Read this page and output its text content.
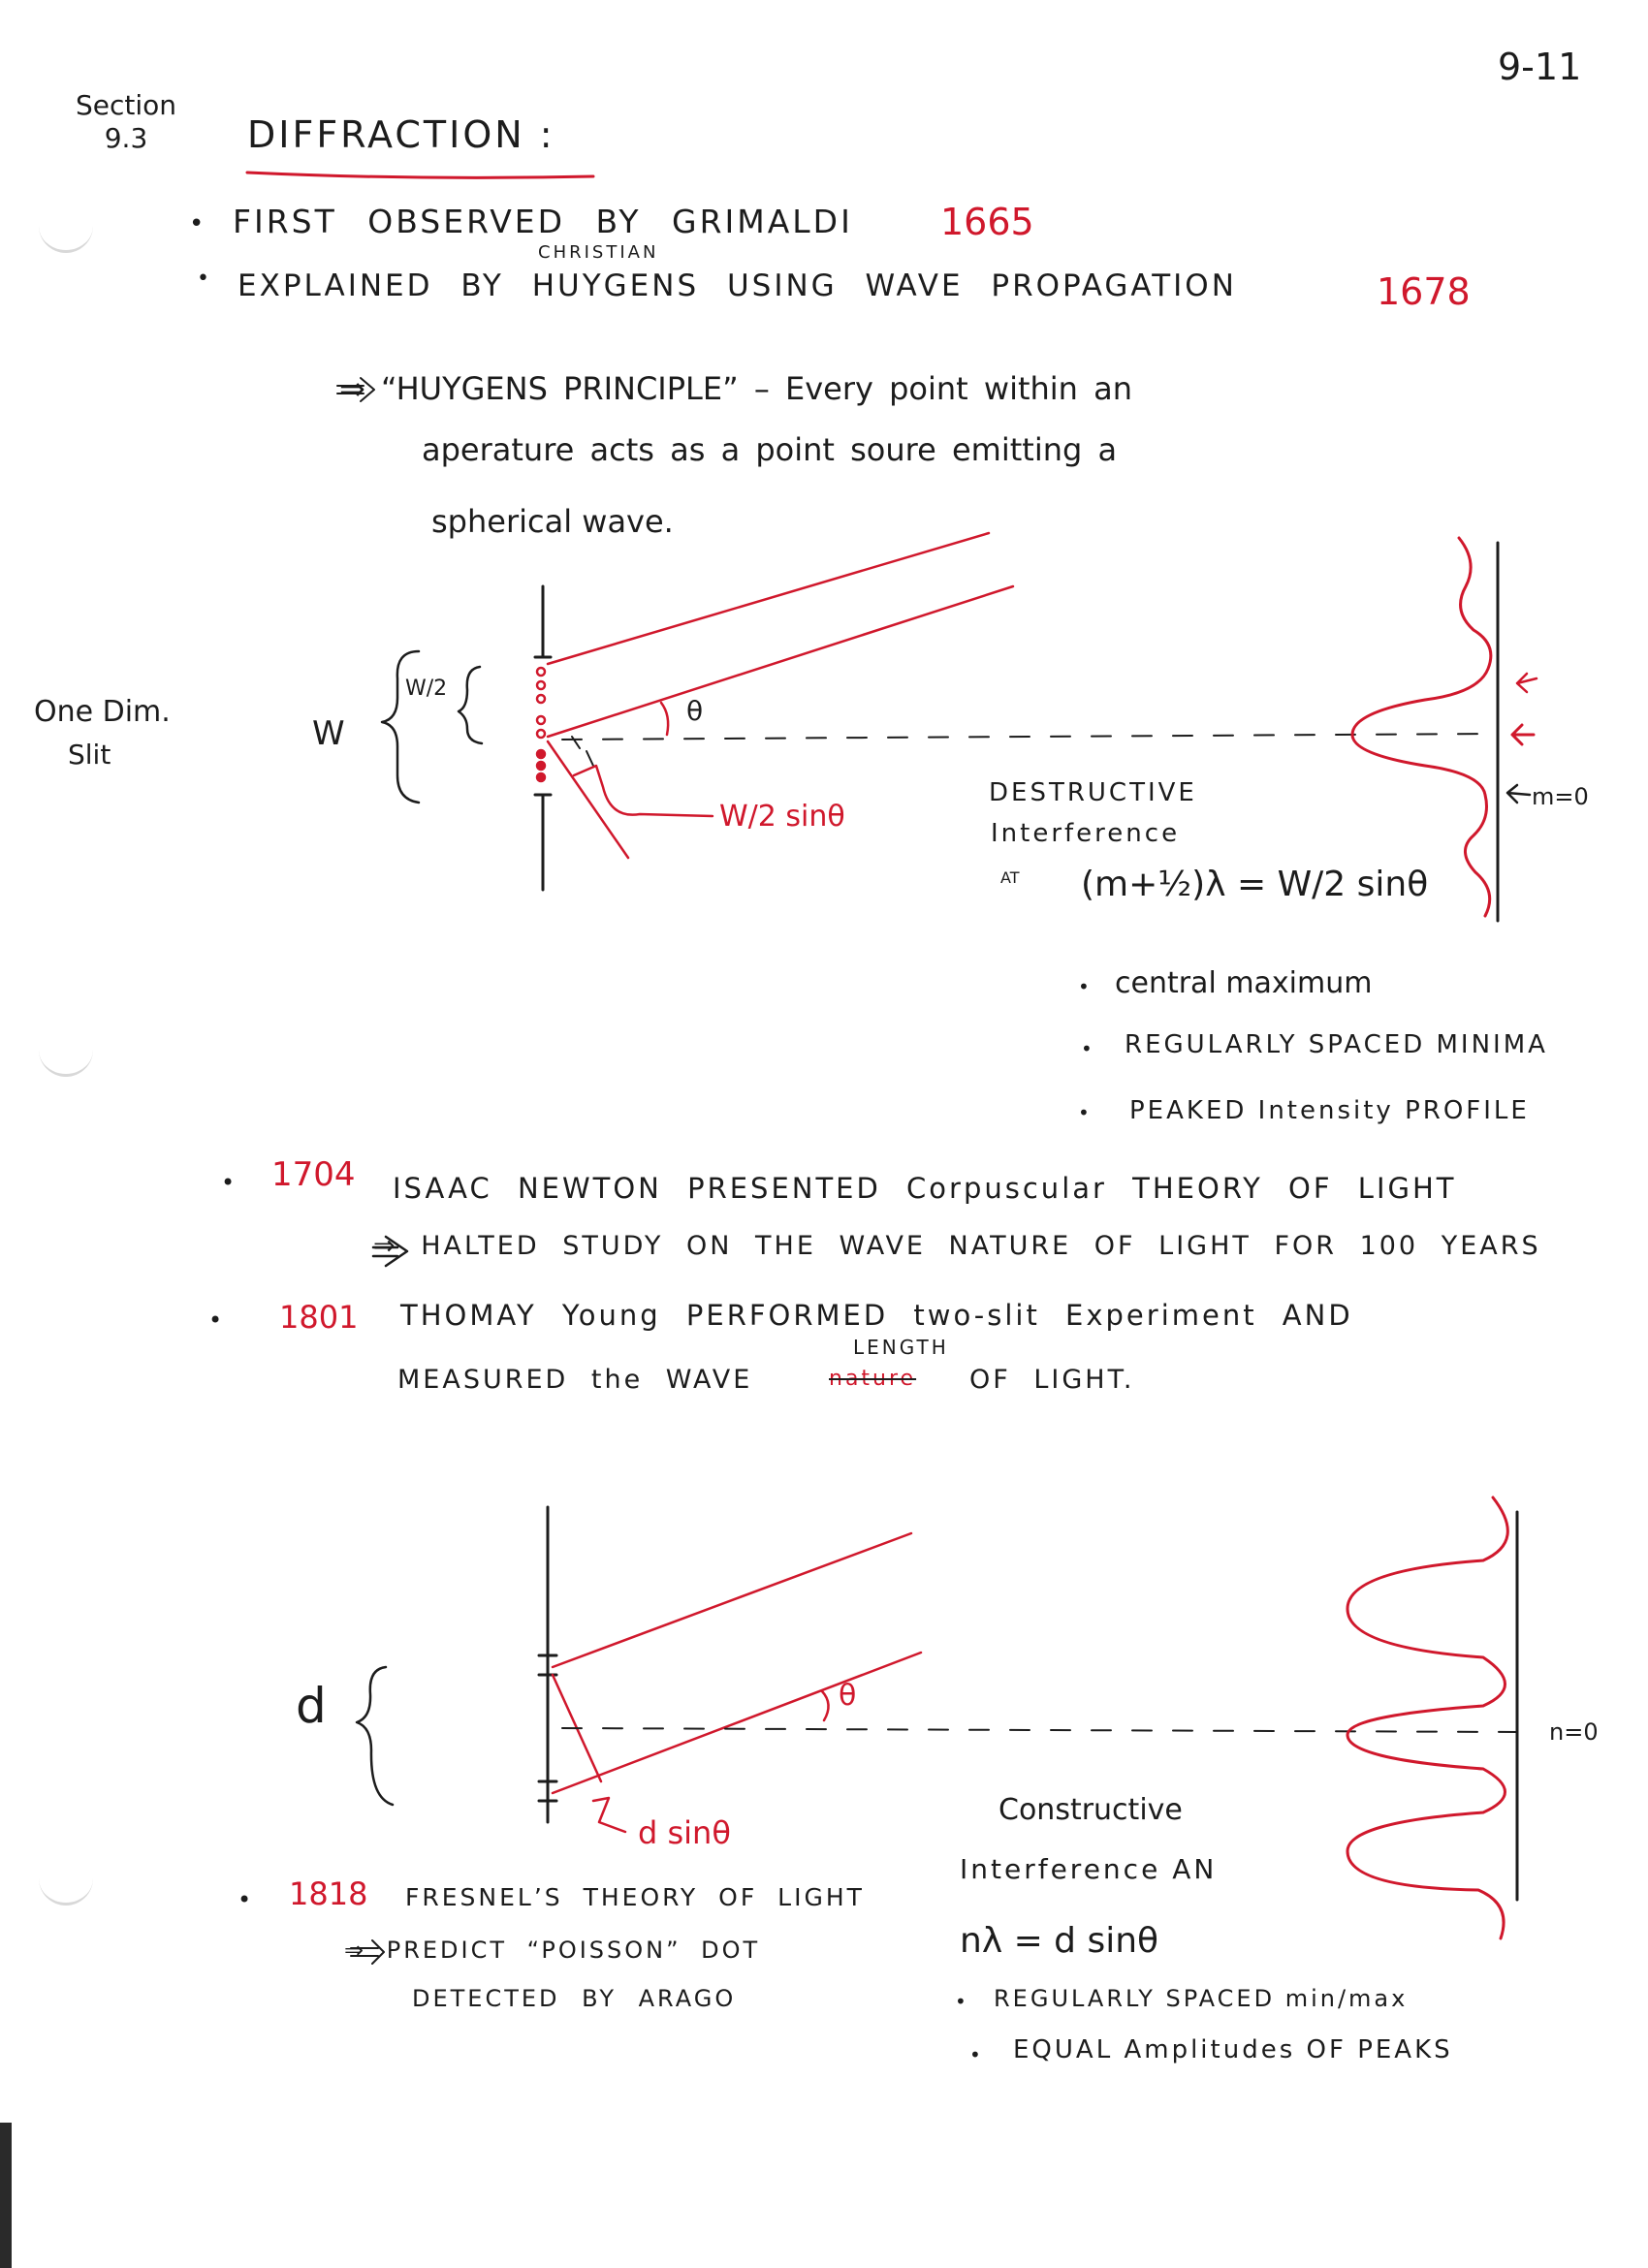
9-11
Section 9.3	DIFFRACTION :
• FIRST OBSERVED BY GRIMALDI 1665
•
CHRISTIAN
EXPLAINED BY HUYGENS USING WAVE PROPAGATION	1678
⇒ “HUYGENS PRINCIPLE” – Every point within an
aperature acts as a point soure emitting a
spherical wave.
One Dim.
Slit
W
W/2
θ
W/2 sinθ
m=0
DESTRUCTIVE
Interference
AT (m+½)λ = W/2 sinθ
• central maximum
• REGULARLY SPACED MINIMA
• PEAKED Intensity PROFILE
• 1704 ISAAC NEWTON PRESENTED Corpuscular THEORY OF LIGHT
⇒ HALTED STUDY ON THE WAVE NATURE OF LIGHT FOR 100 YEARS
• 1801 THOMAY Young PERFORMED two-slit Experiment AND
LENGTH
MEASURED the WAVE	nature OF LIGHT.
d	θ
d sinθ
n=0
Constructive
Interference AN
nλ = d sinθ
• REGULARLY SPACED min/max
• EQUAL Amplitudes OF PEAKS
• 1818 FRESNEL’S THEORY OF LIGHT
⇒ PREDICT “POISSON” DOT
DETECTED BY ARAGO
